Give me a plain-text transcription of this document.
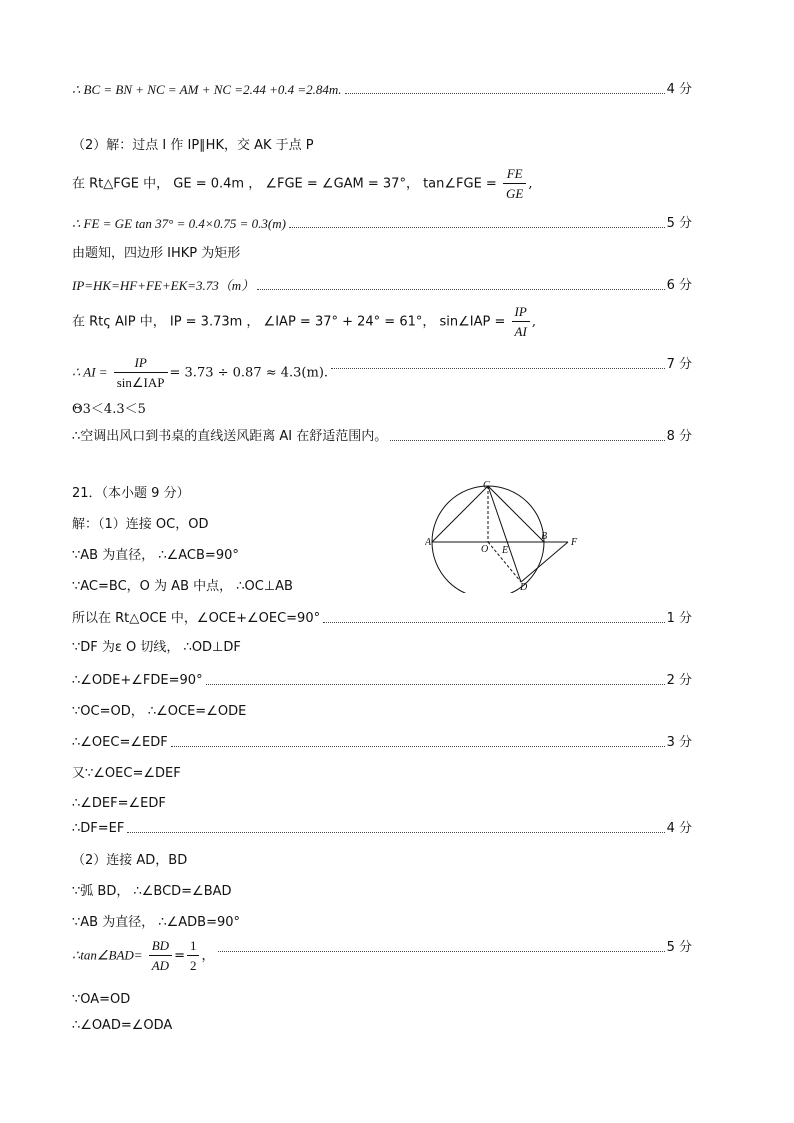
∴ BC = BN + NC = AM + NC =2.44 +0.4 =2.84m.	4 分
（2）解：过点 I 作 IP∥HK，交 AK 于点 P
在 Rt△FGE 中， GE = 0.4m ， ∠FGE = ∠GAM = 37°， tan∠FGE = $\frac{FE}{GE}$ ,
∴ FE = GE tan 37° = 0.4×0.75 = 0.3(m)	5 分
由题知，四边形 IHKP 为矩形
IP=HK=HF+FE+EK=3.73（m）	6 分
在 Rtς AIP 中， IP = 3.73m ， ∠IAP = 37° + 24° = 61°， sin∠IAP = $\frac{IP}{AI}$ ,
∴ AI = $\frac{IP}{\text{sin∠IAP}} = 3.73 \div 0.87 \approx 4.3(m)$.
7 分
Θ3＜4.3＜5
∴空调出风口到书桌的直线送风距离 AI 在舒适范围内。	8 分
21．（本小题 9 分）
解：（1）连接 OC，OD
∵AB 为直径， ∴∠ACB=90°
∵AC=BC，O 为 AB 中点， ∴OC⊥AB
所以在 Rt△OCE 中，∠OCE+∠OEC=90°	1 分
∵DF 为ε O 切线， ∴OD⊥DF
∴∠ODE+∠FDE=90°	2 分
∵OC=OD， ∴∠OCE=∠ODE
∴∠OEC=∠EDF	3 分
又∵∠OEC=∠DEF
∴∠DEF=∠EDF
∴DF=EF	4 分
（2）连接 AD，BD
∵弧 BD， ∴∠BCD=∠BAD
∵AB 为直径， ∴∠ADB=90°
∴tan∠BAD= $\frac{BD}{AD} = \frac{1}{2}$ ，
5 分
∵OA=OD
∴∠OAD=∠ODA
A
B
C
D
E
F
O
